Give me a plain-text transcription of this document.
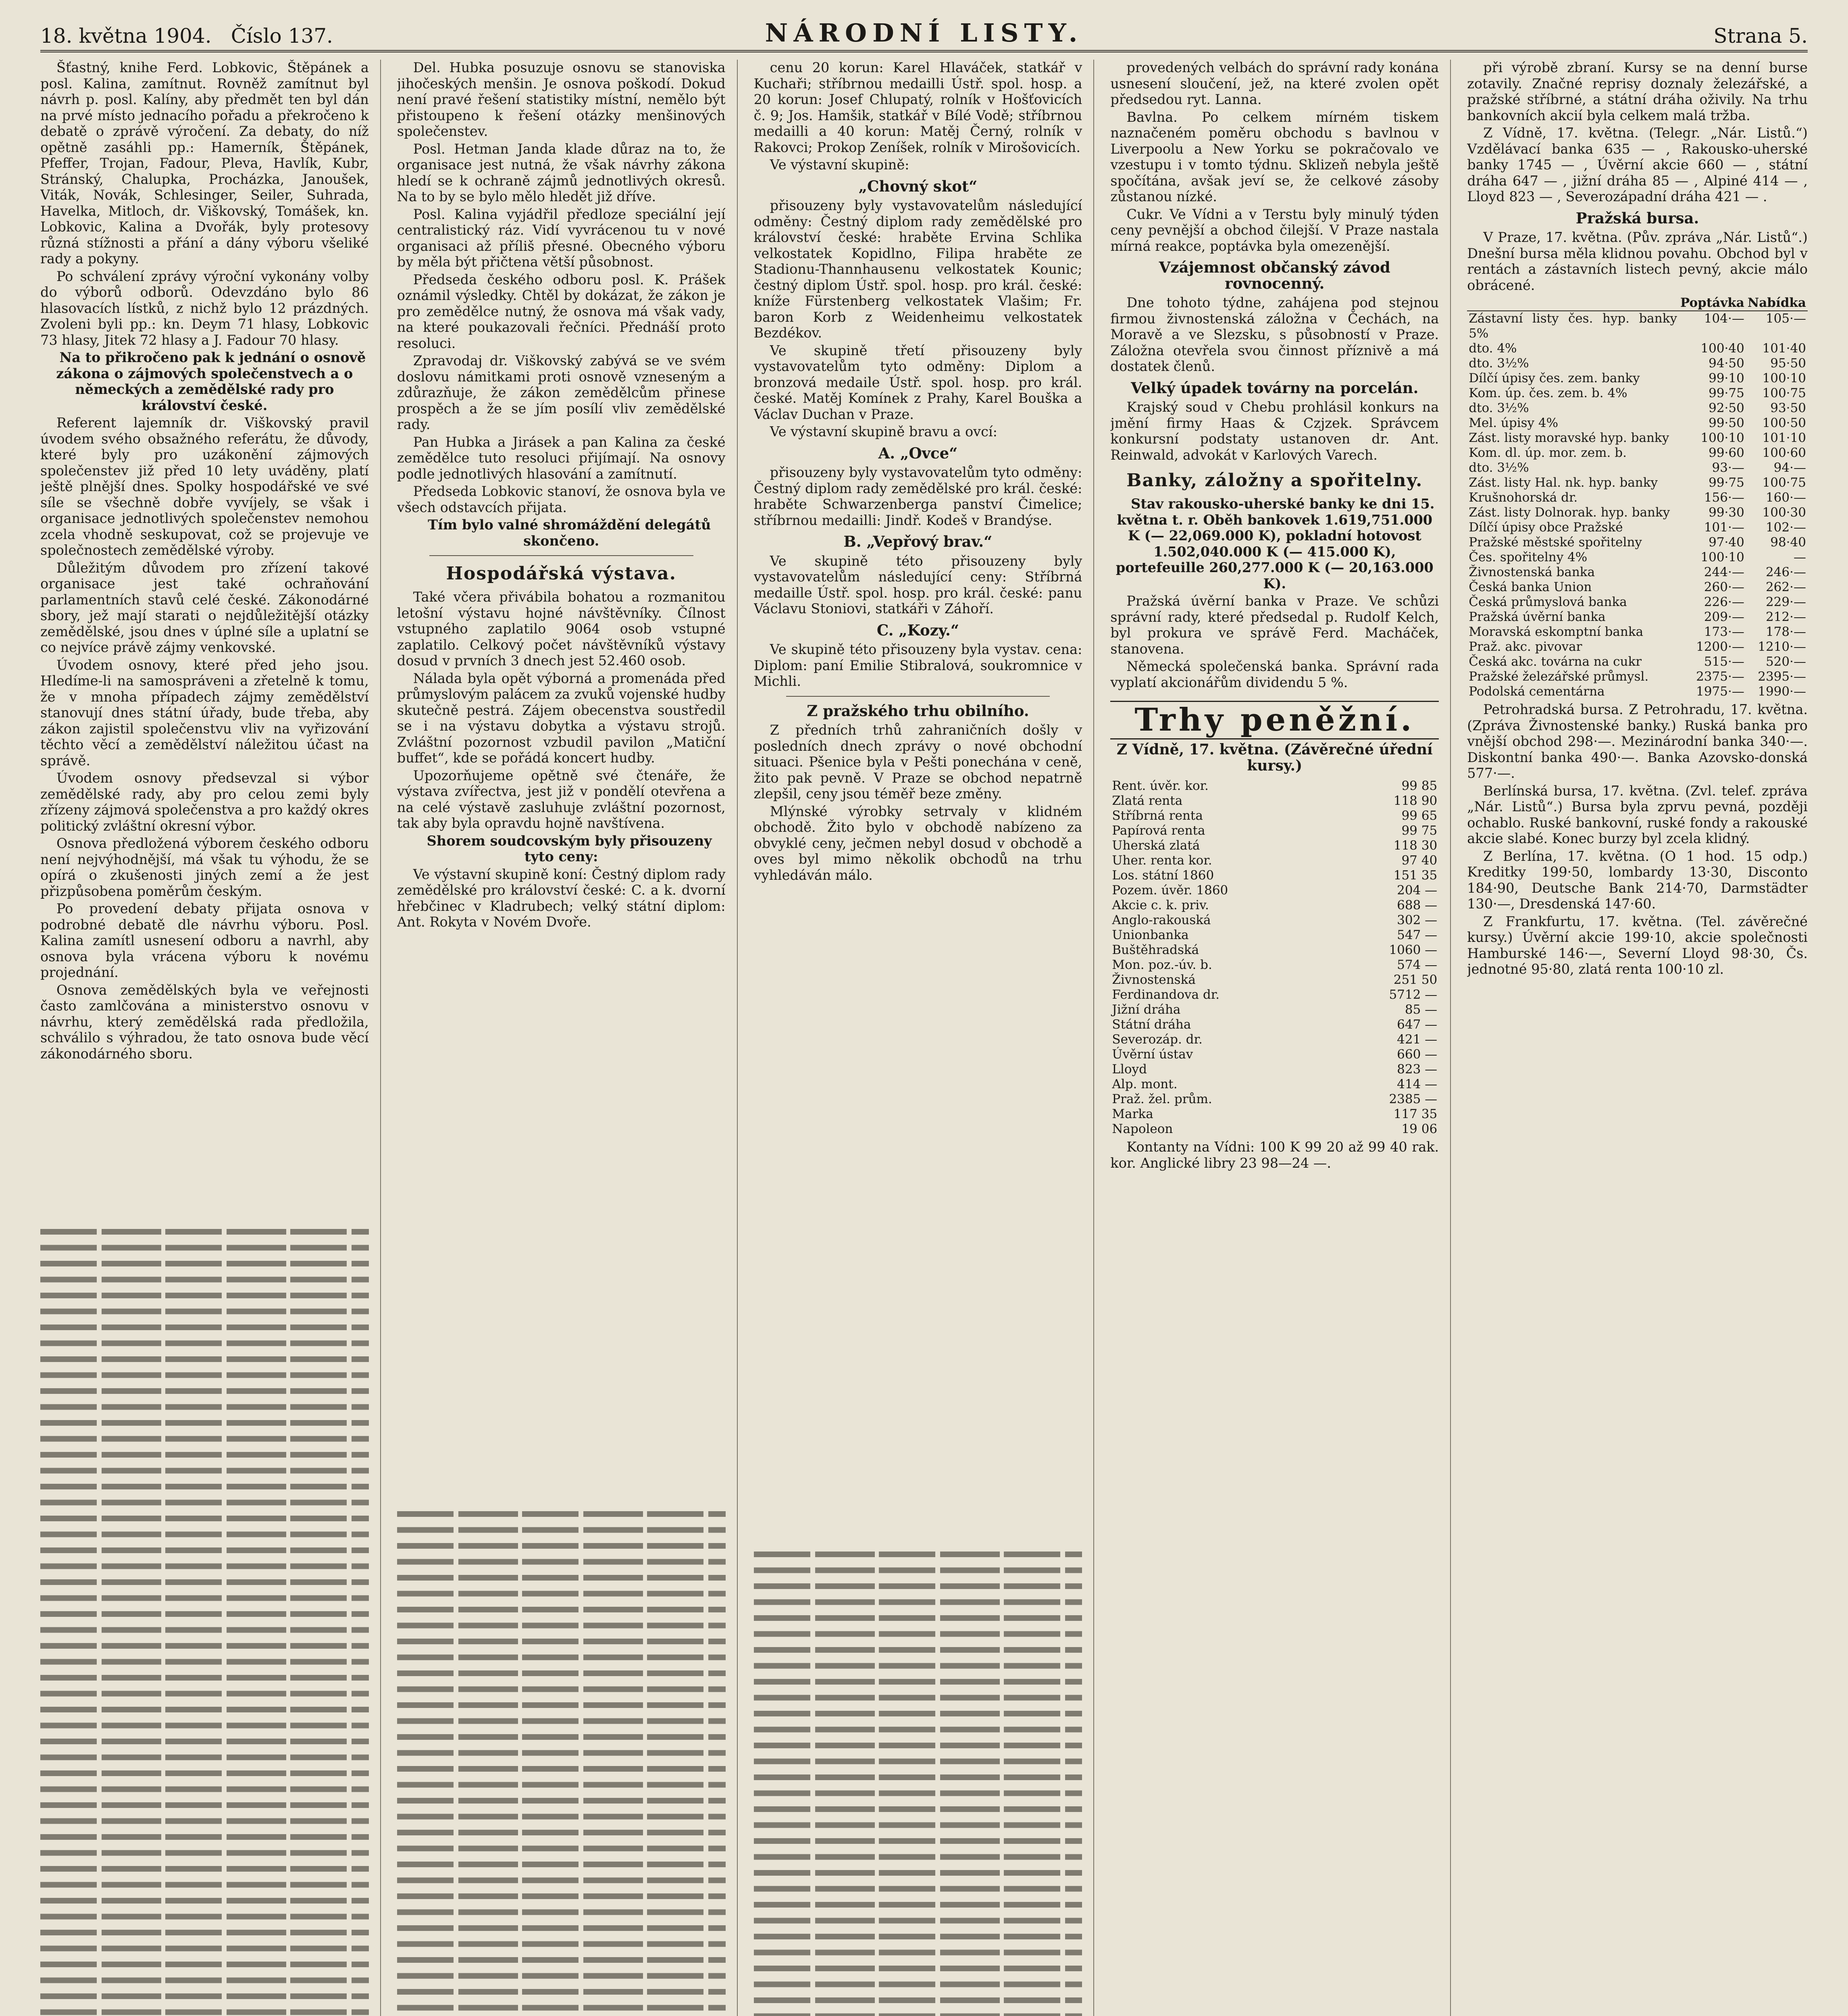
18. května 1904. Číslo 137.	NÁRODNÍ LISTY.	Strana 5.

Šťastný, knihe Ferd. Lobkovic, Štěpánek a posl. Kalina, zamítnut. Rovněž zamítnut byl návrh p. posl. Kalíny, aby předmět ten byl dán na prvé místo jednacího pořadu a překročeno k debatě o zprávě výročení. Za debaty, do níž opětně zasáhli pp.: Hamerník, Štěpánek, Pfeffer, Trojan, Fadour, Pleva, Havlík, Kubr, Stránský, Chalupka, Procházka, Janoušek, Viták, Novák, Schlesinger, Seiler, Suhrada, Havelka, Mitloch, dr. Viškovský, Tomášek, kn. Lobkovic, Kalina a Dvořák, byly protesovy různá stížnosti a přání a dány výboru všeliké rady a pokyny.

Po schválení zprávy výroční vykonány volby do výborů odborů. Odevzdáno bylo 86 hlasovacích lístků, z nichž bylo 12 prázdných. Zvoleni byli pp.: kn. Deym 71 hlasy, Lobkovic 73 hlasy, Jitek 72 hlasy a J. Fadour 70 hlasy.

Na to přikročeno pak k jednání o osnově zákona o zájmových společenstvech a o německých a zemědělské rady pro království české.

Referent lajemník dr. Viškovský pravil úvodem svého obsažného referátu, že důvody, které byly pro uzákonění zájmových společenstev již před 10 lety uváděny, platí ještě plnější dnes. Spolky hospodářské ve své síle se všechně dobře vyvíjely, se však i organisace jednotlivých společenstev nemohou zcela vhodně seskupovat, což se projevuje ve společnostech zemědělské výroby.

Důležitým důvodem pro zřízení takové organisace jest také ochraňování parlamentních stavů celé české. Zákonodárné sbory, jež mají starati o nejdůležitější otázky zemědělské, jsou dnes v úplné síle a uplatní se co nejvíce právě zájmy venkovské.

Úvodem osnovy, které před jeho jsou. Hledíme-li na samospráveni a zřetelně k tomu, že v mnoha případech zájmy zemědělství stanovují dnes státní úřady, bude třeba, aby zákon zajistil společenstvu vliv na vyřizování těchto věcí a zemědělství náležitou účast na správě.

Úvodem osnovy předsevzal si výbor zemědělské rady, aby pro celou zemi byly zřízeny zájmová společenstva a pro každý okres politický zvláštní okresní výbor.

Osnova předložená výborem českého odboru není nejvýhodnější, má však tu výhodu, že se opírá o zkušenosti jiných zemí a že jest přizpůsobena poměrům českým.

Po provedení debaty přijata osnova v podrobné debatě dle návrhu výboru. Posl. Kalina zamítl usnesení odboru a navrhl, aby osnova byla vrácena výboru k novému projednání.

Osnova zemědělských byla ve veřejnosti často zamlčována a ministerstvo osnovu v návrhu, který zemědělská rada předložila, schválilo s výhradou, že tato osnova bude věcí zákonodárného sboru.

Del. Hubka posuzuje osnovu se stanoviska jihočeských menšin. Je osnova poškodí. Dokud není pravé řešení statistiky místní, nemělo být přistoupeno k řešení otázky menšinových společenstev.

Posl. Hetman Janda klade důraz na to, že organisace jest nutná, že však návrhy zákona hledí se k ochraně zájmů jednotlivých okresů. Na to by se bylo mělo hledět již dříve.

Posl. Kalina vyjádřil předloze speciální její centralistický ráz. Vidí vyvrácenou tu v nové organisaci až příliš přesné. Obecného výboru by měla být přičtena větší působnost.

Předseda českého odboru posl. K. Prášek oznámil výsledky. Chtěl by dokázat, že zákon je pro zemědělce nutný, že osnova má však vady, na které poukazovali řečníci. Přednáší proto resoluci.

Zpravodaj dr. Viškovský zabývá se ve svém doslovu námitkami proti osnově vzneseným a zdůrazňuje, že zákon zemědělcům přinese prospěch a že se jím posílí vliv zemědělské rady.

Pan Hubka a Jirásek a pan Kalina za české zemědělce tuto resoluci přijímají. Na osnovy podle jednotlivých hlasování a zamítnutí.

Předseda Lobkovic stanoví, že osnova byla ve všech odstavcích přijata.

Tím bylo valné shromáždění delegátů skončeno.

Hospodářská výstava.

Také včera přivábila bohatou a rozmanitou letošní výstavu hojné návštěvníky. Čílnost vstupného zaplatilo 9064 osob vstupné zaplatilo. Celkový počet návštěvníků výstavy dosud v prvních 3 dnech jest 52.460 osob.

Nálada byla opět výborná a promenáda před průmyslovým palácem za zvuků vojenské hudby skutečně pestrá. Zájem obecenstva soustředil se i na výstavu dobytka a výstavu strojů. Zvláštní pozornost vzbudil pavilon „Matiční buffet“, kde se pořádá koncert hudby.

Upozorňujeme opětně své čtenáře, že výstava zvířectva, jest již v pondělí otevřena a na celé výstavě zasluhuje zvláštní pozornost, tak aby byla opravdu hojně navštívena.

Shorem soudcovským byly přisouzeny tyto ceny:

Ve výstavní skupině koní: Čestný diplom rady zemědělské pro království české: C. a k. dvorní hřebčinec v Kladrubech; velký státní diplom: Ant. Rokyta v Novém Dvoře.

cenu 20 korun: Karel Hlaváček, statkář v Kuchaři; stříbrnou medailli Ústř. spol. hosp. a 20 korun: Josef Chlupatý, rolník v Hošťovicích č. 9; Jos. Hamšik, statkář v Bílé Vodě; stříbrnou medailli a 40 korun: Matěj Černý, rolník v Rakovci; Prokop Zeníšek, rolník v Mirošovicích.

Ve výstavní skupině:

„Chovný skot“

přisouzeny byly vystavovatelům následující odměny: Čestný diplom rady zemědělské pro království české: hraběte Ervina Schlika velkostatek Kopidlno, Filipa hraběte ze Stadionu-Thannhausenu velkostatek Kounic; čestný diplom Ústř. spol. hosp. pro král. české: kníže Fürstenberg velkostatek Vlašim; Fr. baron Korb z Weidenheimu velkostatek Bezdékov.

Ve skupině třetí přisouzeny byly vystavovatelům tyto odměny: Diplom a bronzová medaile Ústř. spol. hosp. pro král. české. Matěj Komínek z Prahy, Karel Bouška a Václav Duchan v Praze.

Ve výstavní skupině bravu a ovcí:

A. „Ovce“

přisouzeny byly vystavovatelům tyto odměny: Čestný diplom rady zemědělské pro král. české: hraběte Schwarzenberga panství Čimelice; stříbrnou medailli: Jindř. Kodeš v Brandýse.

B. „Vepřový brav.“

Ve skupině této přisouzeny byly vystavovatelům následující ceny: Stříbrná medaille Ústř. spol. hosp. pro král. české: panu Václavu Stoniovi, statkáři v Záhoří.

C. „Kozy.“

Ve skupině této přisouzeny byla vystav. cena: Diplom: paní Emilie Stibralová, soukromnice v Michli.

Z pražského trhu obilního.

Z předních trhů zahraničních došly v posledních dnech zprávy o nové obchodní situaci. Pšenice byla v Pešti ponechána v ceně, žito pak pevně. V Praze se obchod nepatrně zlepšil, ceny jsou téměř beze změny.

Mlýnské výrobky setrvaly v klidném obchodě. Žito bylo v obchodě nabízeno za obvyklé ceny, ječmen nebyl dosud v obchodě a oves byl mimo několik obchodů na trhu vyhledáván málo.

provedených velbách do správní rady konána usnesení sloučení, jež, na které zvolen opět předsedou ryt. Lanna.

Bavlna. Po celkem mírném tiskem naznačeném poměru obchodu s bavlnou v Liverpoolu a New Yorku se pokračovalo ve vzestupu i v tomto týdnu. Sklizeň nebyla ještě spočítána, avšak jeví se, že celkové zásoby zůstanou nízké.

Cukr. Ve Vídni a v Terstu byly minulý týden ceny pevnější a obchod čilejší. V Praze nastala mírná reakce, poptávka byla omezenější.

Vzájemnost občanský závod rovnocenný.

Dne tohoto týdne, zahájena pod stejnou firmou živnostenská záložna v Čechách, na Moravě a ve Slezsku, s působností v Praze. Záložna otevřela svou činnost příznivě a má dostatek členů.

Velký úpadek továrny na porcelán.

Krajský soud v Chebu prohlásil konkurs na jmění firmy Haas & Czjzek. Správcem konkursní podstaty ustanoven dr. Ant. Reinwald, advokát v Karlových Varech.

Banky, záložny a spořitelny.

Stav rakousko-uherské banky ke dni 15. května t. r. Oběh bankovek 1.619,751.000 K (— 22,069.000 K), pokladní hotovost 1.502,040.000 K (— 415.000 K), portefeuille 260,277.000 K (— 20,163.000 K).

Pražská úvěrní banka v Praze. Ve schůzi správní rady, které předsedal p. Rudolf Kelch, byl prokura ve správě Ferd. Macháček, stanovena.

Německá společenská banka. Správní rada vyplatí akcionářům dividendu 5 %.

Trhy peněžní.
Z Vídně, 17. května. (Závěrečné úřední kursy.)
Rent. úvěr. kor.	99 85
Zlatá renta	118 90
Stříbrná renta	99 65
Papírová renta	99 75
Uherská zlatá	118 30
Uher. renta kor.	97 40
Los. státní 1860	151 35
Pozem. úvěr. 1860	204 —
Akcie c. k. priv.	688 —
Anglo-rakouská	302 —
Unionbanka	547 —
Buštěhradská	1060 —
Mon. poz.-úv. b.	574 —
Živnostenská	251 50
Ferdinandova dr.	5712 —
Jižní dráha	85 —
Státní dráha	647 —
Severozáp. dr.	421 —
Úvěrní ústav	660 —
Lloyd	823 —
Alp. mont.	414 —
Praž. žel. prům.	2385 —
Marka	117 35
Napoleon	19 06

Kontanty na Vídni: 100 K 99 20 až 99 40 rak. kor. Anglické libry 23 98—24 —.

při výrobě zbraní. Kursy se na denní burse zotavily. Značné reprisy doznaly železářské, a pražské stříbrné, a státní dráha oživily. Na trhu bankovních akcií byla celkem malá tržba.

Z Vídně, 17. května. (Telegr. „Nár. Listů.“) Vzdělávací banka 635 — , Rakousko-uherské banky 1745 — , Úvěrní akcie 660 — , státní dráha 647 — , jižní dráha 85 — , Alpiné 414 — , Lloyd 823 — , Severozápadní dráha 421 — .

Pražská bursa.

V Praze, 17. května. (Pův. zpráva „Nár. Listů“.) Dnešní bursa měla klidnou povahu. Obchod byl v rentách a zástavních listech pevný, akcie málo obrácené.

	Poptávka	Nabídka
Zástavní listy čes. hyp. banky 5%	104·—	105·—
dto. 4%	100·40	101·40
dto. 3½%	94·50	95·50
Dílčí úpisy čes. zem. banky	99·10	100·10
Kom. úp. čes. zem. b. 4%	99·75	100·75
dto. 3½%	92·50	93·50
Mel. úpisy 4%	99·50	100·50
Zást. listy moravské hyp. banky	100·10	101·10
Kom. dl. úp. mor. zem. b.	99·60	100·60
dto. 3½%	93·—	94·—
Zást. listy Hal. nk. hyp. banky	99·75	100·75
Krušnohorská dr.	156·—	160·—
Zást. listy Dolnorak. hyp. banky	99·30	100·30
Dílčí úpisy obce Pražské	101·—	102·—
Pražské městské spořitelny	97·40	98·40
Čes. spořitelny 4%	100·10	—
Živnostenská banka	244·—	246·—
Česká banka Union	260·—	262·—
Česká průmyslová banka	226·—	229·—
Pražská úvěrní banka	209·—	212·—
Moravská eskomptní banka	173·—	178·—
Praž. akc. pivovar	1200·—	1210·—
Česká akc. továrna na cukr	515·—	520·—
Pražské železářské průmysl.	2375·—	2395·—
Podolská cementárna	1975·—	1990·—

Petrohradská bursa. Z Petrohradu, 17. května. (Zpráva Živnostenské banky.) Ruská banka pro vnější obchod 298·—. Mezinárodní banka 340·—. Diskontní banka 490·—. Banka Azovsko-donská 577·—.

Berlínská bursa, 17. května. (Zvl. telef. zpráva „Nár. Listů“.) Bursa byla zprvu pevná, později ochablo. Ruské bankovní, ruské fondy a rakouské akcie slabé. Konec burzy byl zcela klidný.

Z Berlína, 17. května. (O 1 hod. 15 odp.) Kreditky 199·50, lombardy 13·30, Disconto 184·90, Deutsche Bank 214·70, Darmstädter 130·—, Dresdenská 147·60.

Z Frankfurtu, 17. května. (Tel. závěrečné kursy.) Úvěrní akcie 199·10, akcie společnosti Hamburské 146·—, Severní Lloyd 98·30, Čs. jednotné 95·80, zlatá renta 100·10 zl.
